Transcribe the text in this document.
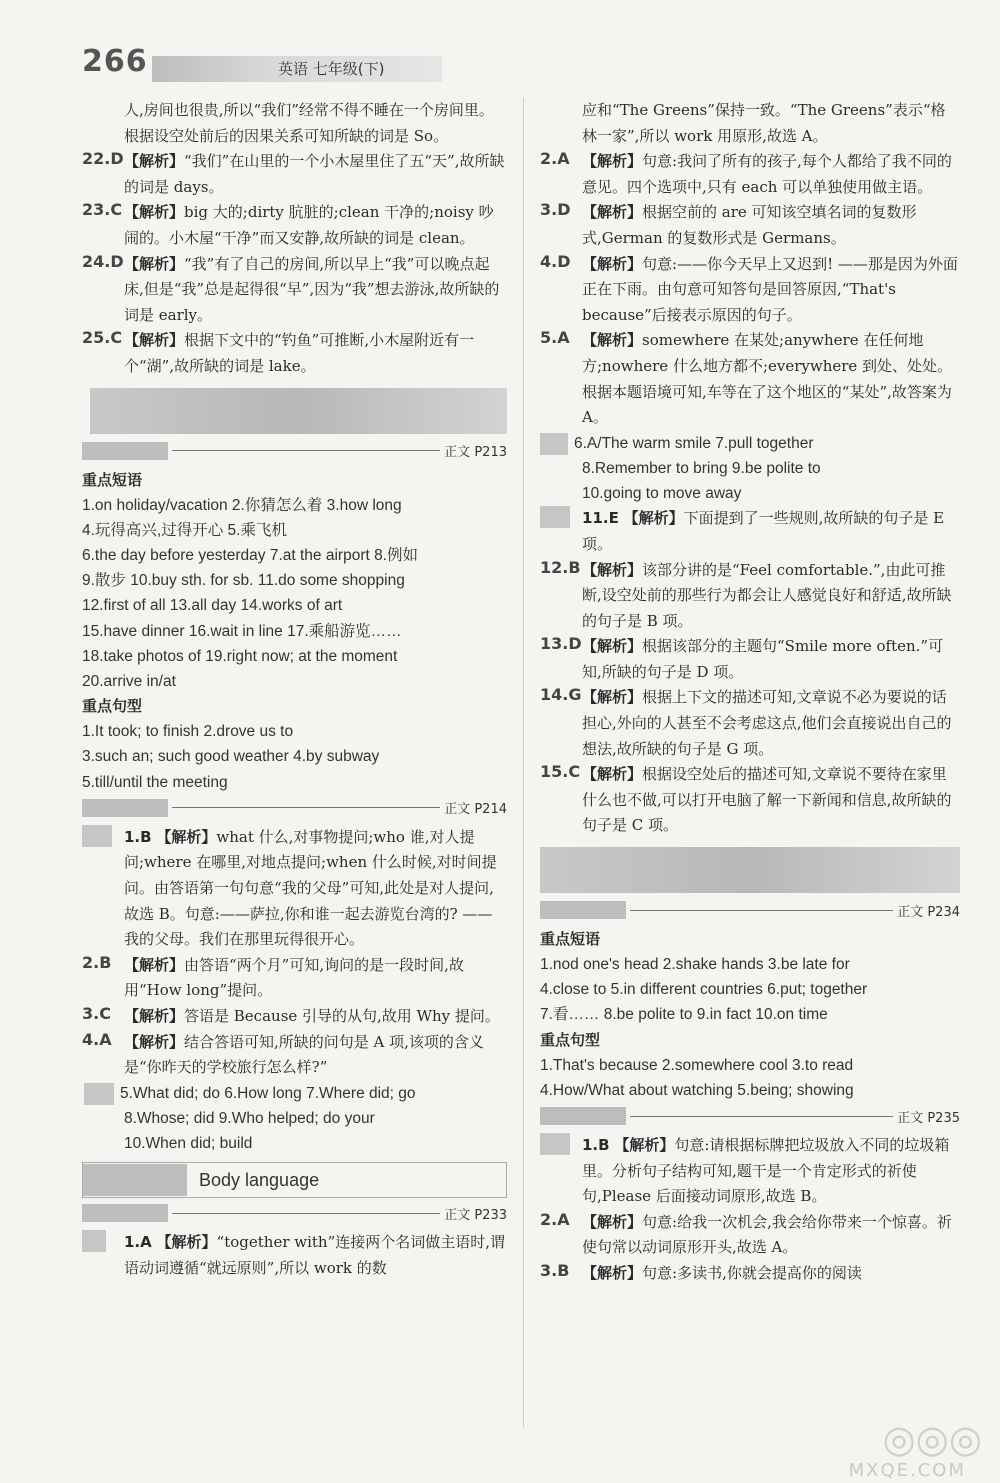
266	英语 七年级(下)

人,房间也很贵,所以“我们”经常不得不睡在一个房间里。根据设空处前后的因果关系可知所缺的词是 So。

22.D 【解析】“我们”在山里的一个小木屋里住了五“天”,故所缺的词是 days。
23.C 【解析】big 大的;dirty 肮脏的;clean 干净的;noisy 吵闹的。小木屋“干净”而又安静,故所缺的词是 clean。
24.D 【解析】“我”有了自己的房间,所以早上“我”可以晚点起床,但是“我”总是起得很“早”,因为“我”想去游泳,故所缺的词是 early。
25.C 【解析】根据下文中的“钓鱼”可推断,小木屋附近有一个“湖”,故所缺的词是 lake。
正文 P213

重点短语

1.on holiday/vacation 2.你猜怎么着 3.how long

4.玩得高兴,过得开心 5.乘飞机

6.the day before yesterday 7.at the airport 8.例如

9.散步 10.buy sth. for sb. 11.do some shopping

12.first of all 13.all day 14.works of art

15.have dinner 16.wait in line 17.乘船游览……

18.take photos of 19.right now; at the moment

20.arrive in/at

重点句型

1.It took; to finish 2.drove us to

3.such an; such good weather 4.by subway

5.till/until the meeting

正文 P214
1.B 【解析】what 什么,对事物提问;who 谁,对人提问;where 在哪里,对地点提问;when 什么时候,对时间提问。由答语第一句句意“我的父母”可知,此处是对人提问,故选 B。句意:——萨拉,你和谁一起去游览台湾的? ——我的父母。我们在那里玩得很开心。
2.B 【解析】由答语“两个月”可知,询问的是一段时间,故用“How long”提问。
3.C 【解析】答语是 Because 引导的从句,故用 Why 提问。
4.A 【解析】结合答语可知,所缺的问句是 A 项,该项的含义是“你昨天的学校旅行怎么样?”

5.What did; do 6.How long 7.Where did; go

8.Whose; did 9.Who helped; do your

10.When did; build

Body language
正文 P233
1.A 【解析】“together with”连接两个名词做主语时,谓语动词遵循“就远原则”,所以 work 的数

应和“The Greens”保持一致。“The Greens”表示“格林一家”,所以 work 用原形,故选 A。

2.A 【解析】句意:我问了所有的孩子,每个人都给了我不同的意见。四个选项中,只有 each 可以单独使用做主语。
3.D 【解析】根据空前的 are 可知该空填名词的复数形式,German 的复数形式是 Germans。
4.D 【解析】句意:——你今天早上又迟到! ——那是因为外面正在下雨。由句意可知答句是回答原因,“That's because”后接表示原因的句子。
5.A 【解析】somewhere 在某处;anywhere 在任何地方;nowhere 什么地方都不;everywhere 到处、处处。根据本题语境可知,车等在了这个地区的“某处”,故答案为 A。

6.A/The warm smile 7.pull together

8.Remember to bring 9.be polite to

10.going to move away

11.E 【解析】下面提到了一些规则,故所缺的句子是 E 项。
12.B 【解析】该部分讲的是“Feel comfortable.”,由此可推断,设空处前的那些行为都会让人感觉良好和舒适,故所缺的句子是 B 项。
13.D 【解析】根据该部分的主题句“Smile more often.”可知,所缺的句子是 D 项。
14.G 【解析】根据上下文的描述可知,文章说不必为要说的话担心,外向的人甚至不会考虑这点,他们会直接说出自己的想法,故所缺的句子是 G 项。
15.C 【解析】根据设空处后的描述可知,文章说不要待在家里什么也不做,可以打开电脑了解一下新闻和信息,故所缺的句子是 C 项。
正文 P234

重点短语

1.nod one's head 2.shake hands 3.be late for

4.close to 5.in different countries 6.put; together

7.看…… 8.be polite to 9.in fact 10.on time

重点句型

1.That's because 2.somewhere cool 3.to read

4.How/What about watching 5.being; showing

正文 P235
1.B 【解析】句意:请根据标牌把垃圾放入不同的垃圾箱里。分析句子结构可知,题干是一个肯定形式的祈使句,Please 后面接动词原形,故选 B。
2.A 【解析】句意:给我一次机会,我会给你带来一个惊喜。祈使句常以动词原形开头,故选 A。
3.B 【解析】句意:多读书,你就会提高你的阅读
◎◎◎
MXQE.COM
